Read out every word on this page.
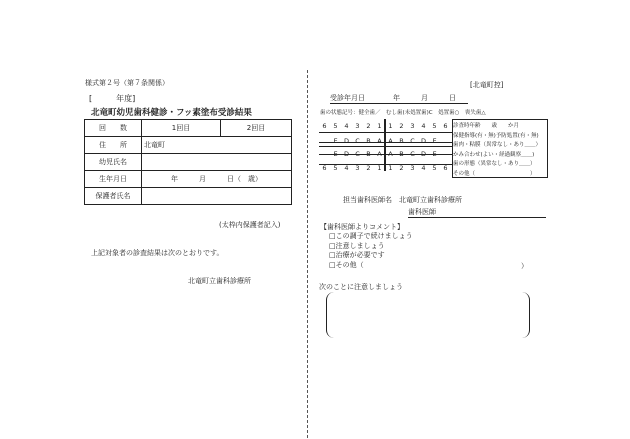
様式第２号（第７条関係）
[　　　年度]
北竜町幼児歯科健診・フッ素塗布受診結果
回　　数	1回目	2回目
住　　所	北竜町	
幼児氏名		
生年月日	年　　　月　　　日（　歳）	
保護者氏名		
(太枠内保護者記入)
上記対象者の診査結果は次のとおりです。
北竜町立歯科診療所
[北竜町控]
受診年月日　　　　年　　　月　　　日
歯の状態記号：健全歯／　むし歯(未処置歯)C　処置歯○　喪失歯△
6	5	4	3	2	1	1	2	3	4	5	6
E D C	B	A	A	B C D E
E D C	B	A	A	B C D E
6	5	4	3	2	1	1	2	3	4	5	6
診査時年齢　　歳　　か月
保健指導(有・無)予防処置(有・無)
歯肉・粘膜（異常なし・あり＿＿）
かみ合わせ(よい・経過観察＿＿)
歯の形態（異常なし・あり＿＿）
その他（　　　　　　　　　　）
担当歯科医師名　北竜町立歯科診療所
歯科医師
【歯科医師よりコメント】
□この調子で続けましょう
□注意しましょう
□治療が必要です
□その他（	）
次のことに注意しましょう
